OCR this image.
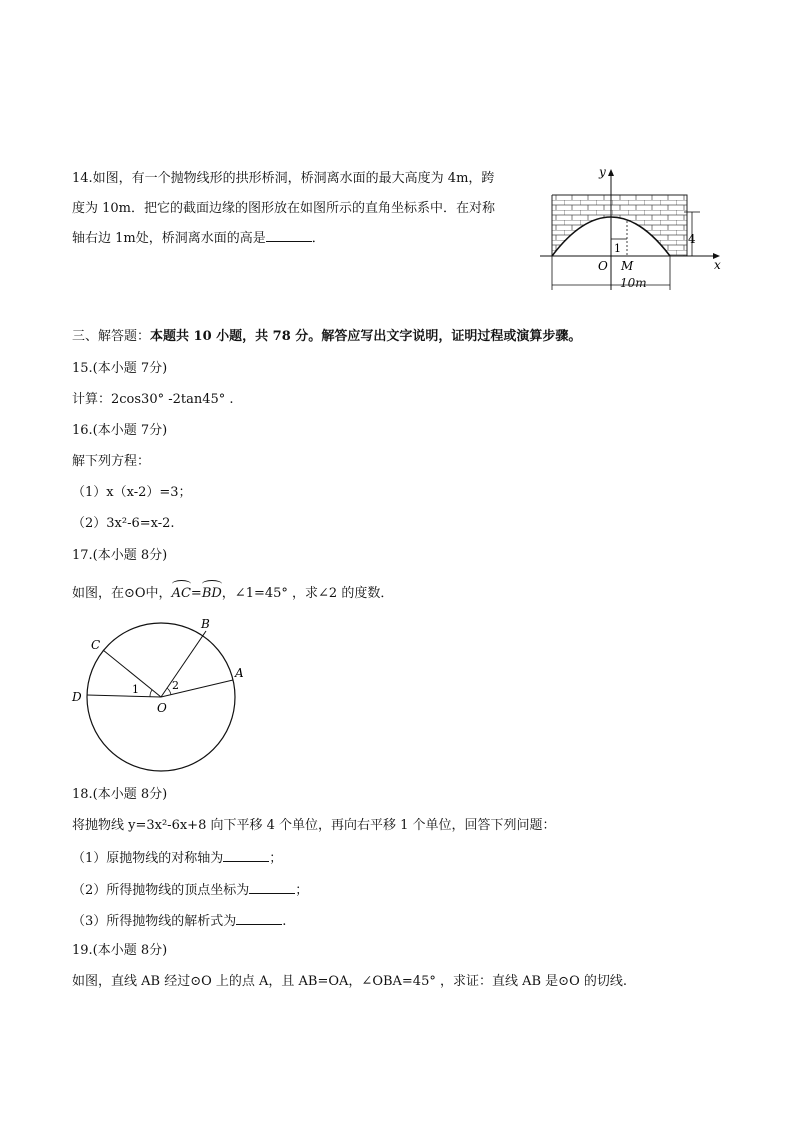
14.如图，有一个抛物线形的拱形桥洞，桥洞离水面的最大高度为 4m，跨
度为 10m．把它的截面边缘的图形放在如图所示的直角坐标系中．在对称
轴右边 1m处，桥洞离水面的高是	．
y
x
O M
1
4
10m
三、解答题：本题共 10 小题，共 78 分。解答应写出文字说明，证明过程或演算步骤。
15.(本小题 7分)
计算：2cos30° -2tan45° .
16.(本小题 7分)
解下列方程：
（1）x（x-2）=3；
（2）3x²-6=x-2.
17.(本小题 8分)
如图，在⊙O中，AC=BD，∠1=45° ，求∠2 的度数．
C
B
A
D
O
1	2
18.(本小题 8分)
将抛物线 y=3x²-6x+8 向下平移 4 个单位，再向右平移 1 个单位，回答下列问题：
（1）原抛物线的对称轴为	；
（2）所得抛物线的顶点坐标为	；
（3）所得抛物线的解析式为	.
19.(本小题 8分)
如图，直线 AB 经过⊙O 上的点 A，且 AB=OA，∠OBA=45° ，求证：直线 AB 是⊙O 的切线.
